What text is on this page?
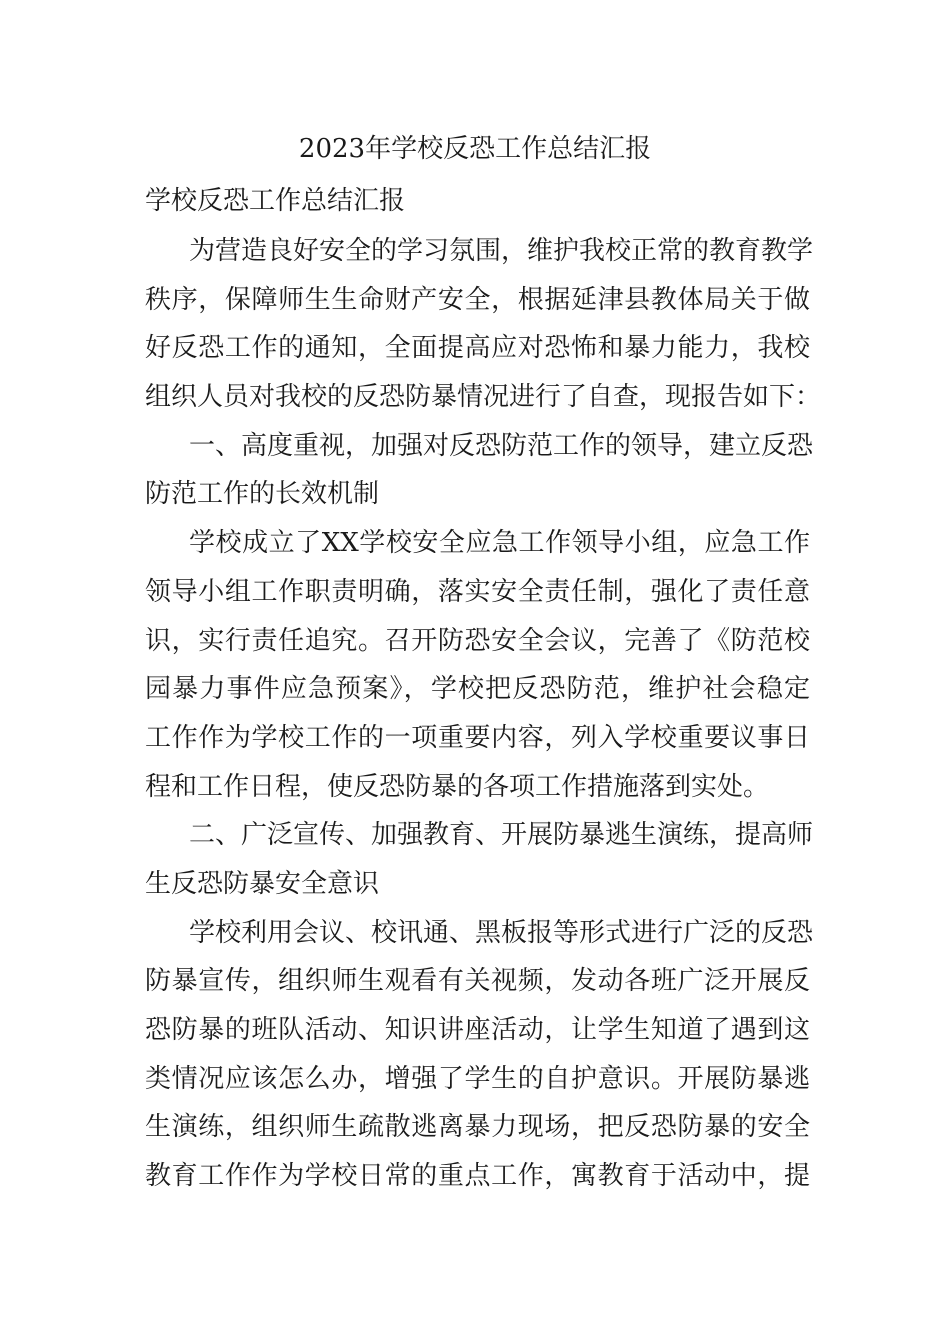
2023年学校反恐工作总结汇报
学校反恐工作总结汇报
为营造良好安全的学习氛围，维护我校正常的教育教学
秩序，保障师生生命财产安全，根据延津县教体局关于做
好反恐工作的通知，全面提高应对恐怖和暴力能力，我校
组织人员对我校的反恐防暴情况进行了自查，现报告如下：
一、高度重视，加强对反恐防范工作的领导，建立反恐
防范工作的长效机制
学校成立了XX学校安全应急工作领导小组，应急工作
领导小组工作职责明确，落实安全责任制，强化了责任意
识，实行责任追究。召开防恐安全会议，完善了《防范校
园暴力事件应急预案》，学校把反恐防范，维护社会稳定
工作作为学校工作的一项重要内容，列入学校重要议事日
程和工作日程，使反恐防暴的各项工作措施落到实处。
二、广泛宣传、加强教育、开展防暴逃生演练，提高师
生反恐防暴安全意识
学校利用会议、校讯通、黑板报等形式进行广泛的反恐
防暴宣传，组织师生观看有关视频，发动各班广泛开展反
恐防暴的班队活动、知识讲座活动，让学生知道了遇到这
类情况应该怎么办，增强了学生的自护意识。开展防暴逃
生演练，组织师生疏散逃离暴力现场，把反恐防暴的安全
教育工作作为学校日常的重点工作，寓教育于活动中，提
